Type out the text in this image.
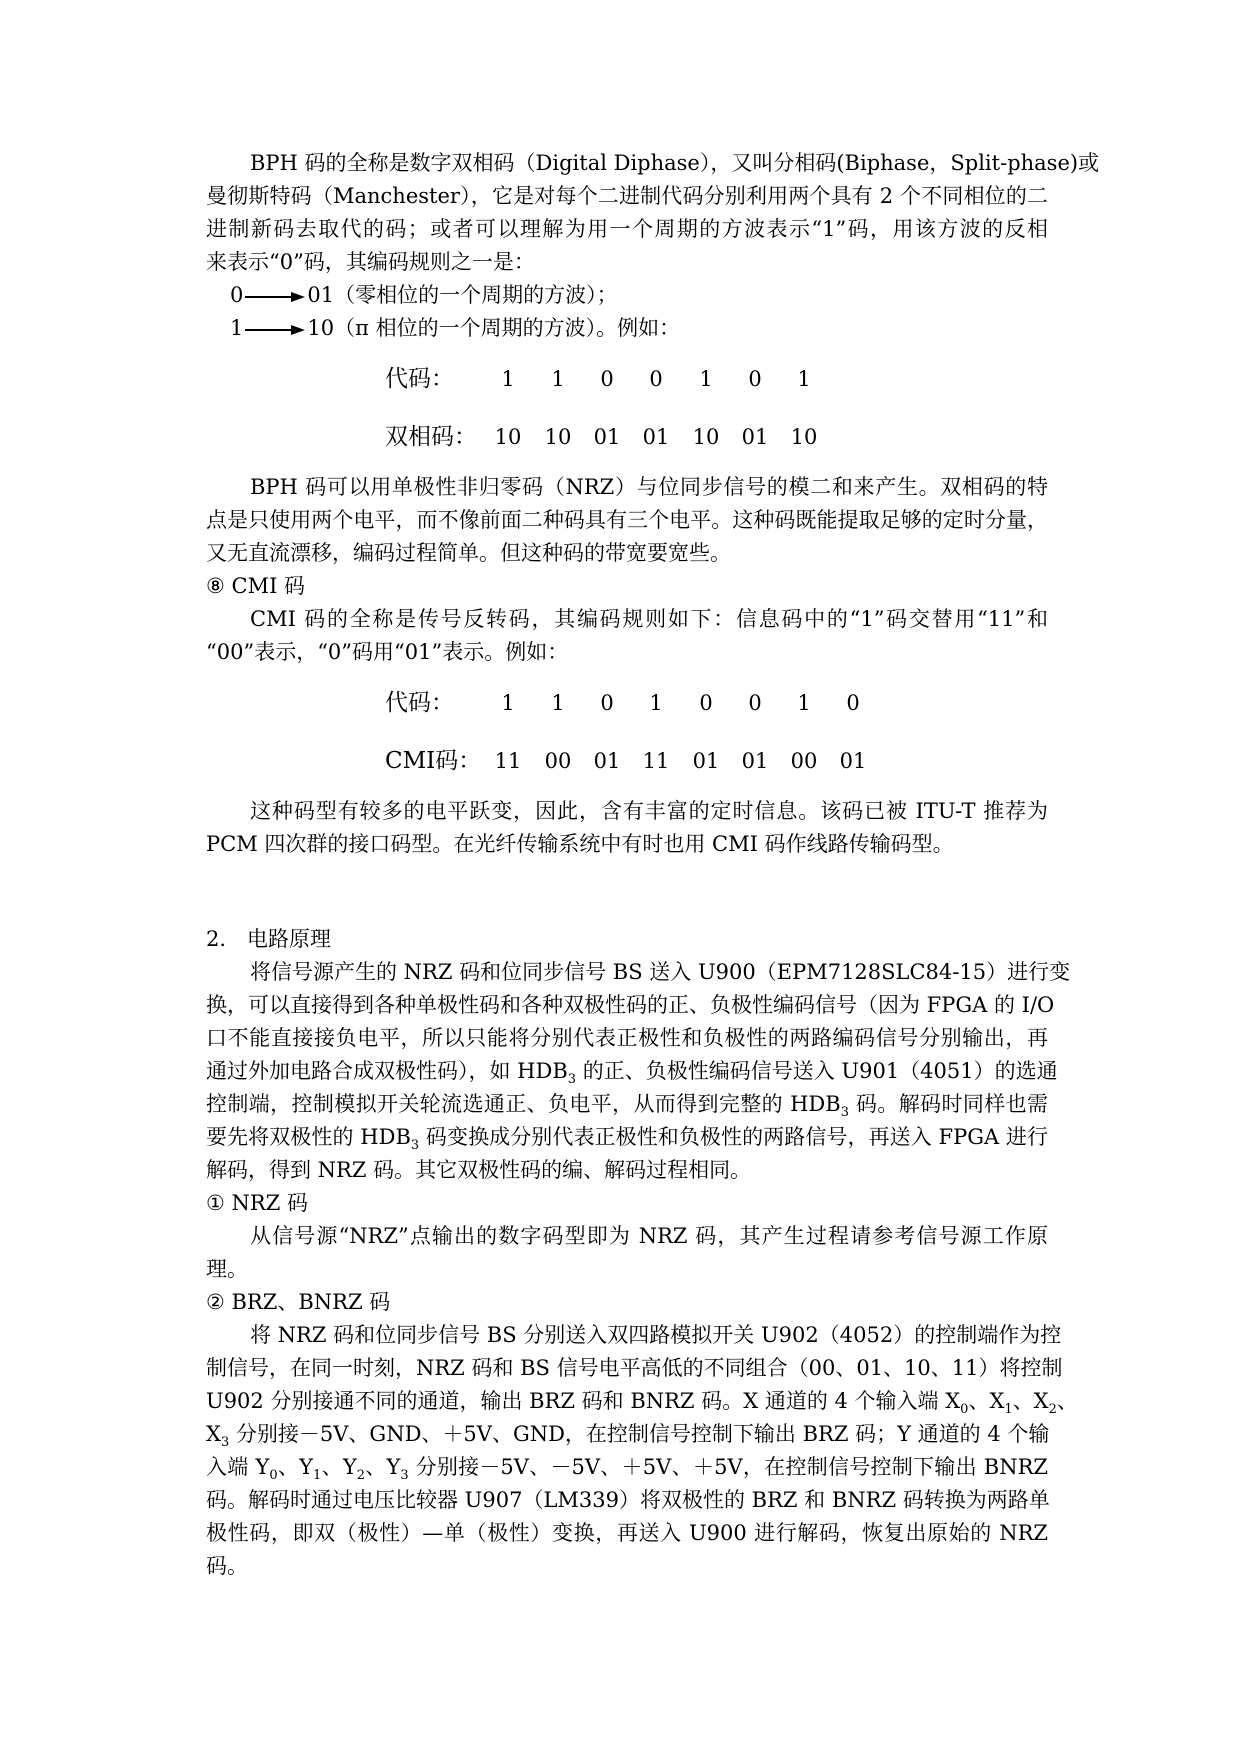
BPH 码的全称是数字双相码（Digital Diphase），又叫分相码(Biphase，Split-phase)或
曼彻斯特码（Manchester），它是对每个二进制代码分别利用两个具有 2 个不同相位的二
进制新码去取代的码；或者可以理解为用一个周期的方波表示“1”码，用该方波的反相
来表示“0”码，其编码规则之一是：
0	01（零相位的一个周期的方波）；
1	10（π 相位的一个周期的方波）。例如：
代码：	1	1	0	0	1	0	1
双相码： 10	10	01	01	10	01	10
BPH 码可以用单极性非归零码（NRZ）与位同步信号的模二和来产生。双相码的特
点是只使用两个电平，而不像前面二种码具有三个电平。这种码既能提取足够的定时分量，
又无直流漂移，编码过程简单。但这种码的带宽要宽些。
⑧ CMI 码
CMI 码的全称是传号反转码，其编码规则如下：信息码中的“1”码交替用“11”和
“00”表示，“0”码用“01”表示。例如：
代码：	1	1	0	1	0	0	1	0
CMI码： 11	00	01	11	01	01	00	01
这种码型有较多的电平跃变，因此，含有丰富的定时信息。该码已被 ITU-T 推荐为
PCM 四次群的接口码型。在光纤传输系统中有时也用 CMI 码作线路传输码型。
2． 电路原理
将信号源产生的 NRZ 码和位同步信号 BS 送入 U900（EPM7128SLC84-15）进行变
换，可以直接得到各种单极性码和各种双极性码的正、负极性编码信号（因为 FPGA 的 I/O
口不能直接接负电平，所以只能将分别代表正极性和负极性的两路编码信号分别输出，再
通过外加电路合成双极性码），如 $HDB_3$ 的正、负极性编码信号送入 U901（4051）的选通
控制端，控制模拟开关轮流选通正、负电平，从而得到完整的 $HDB_3$ 码。解码时同样也需
要先将双极性的 $HDB_3$ 码变换成分别代表正极性和负极性的两路信号，再送入 FPGA 进行
解码，得到 NRZ 码。其它双极性码的编、解码过程相同。
① NRZ 码
从信号源“NRZ”点输出的数字码型即为 NRZ 码，其产生过程请参考信号源工作原
理。
② BRZ、BNRZ 码
将 NRZ 码和位同步信号 BS 分别送入双四路模拟开关 U902（4052）的控制端作为控
制信号，在同一时刻，NRZ 码和 BS 信号电平高低的不同组合（00、01、10、11）将控制
U902 分别接通不同的通道，输出 BRZ 码和 BNRZ 码。X 通道的 4 个输入端 $X_0$、$X_1$、$X_2$、
$X_3$ 分别接－5V、GND、＋5V、GND，在控制信号控制下输出 BRZ 码；Y 通道的 4 个输
入端 $Y_0$、$Y_1$、$Y_2$、$Y_3$ 分别接－5V、－5V、＋5V、＋5V，在控制信号控制下输出 BNRZ
码。解码时通过电压比较器 U907（LM339）将双极性的 BRZ 和 BNRZ 码转换为两路单
极性码，即双（极性）—单（极性）变换，再送入 U900 进行解码，恢复出原始的 NRZ
码。
